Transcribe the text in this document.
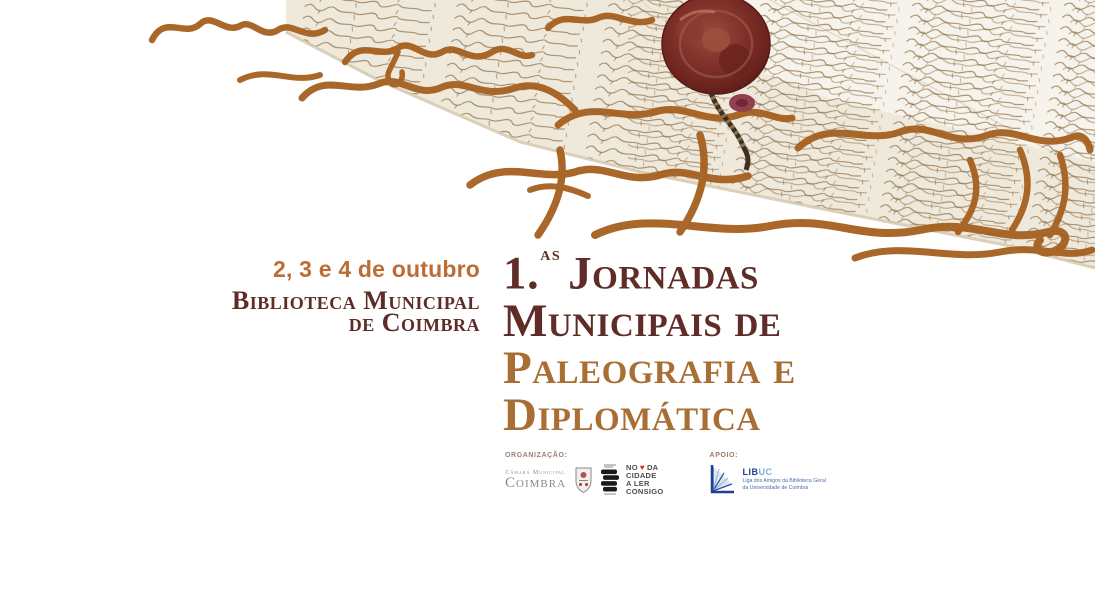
2, 3 e 4 de outubro
Biblioteca Municipal
de Coimbra
1.$^{as}$ Jornadas
Municipais de
Paleografia e
Diplomática
ORGANIZAÇÃO:
Câmara Municipal
Coimbra
NO ♥ DA
CIDADE
A LER
CONSIGO
APOIO:
LIBUC
Liga dos Amigos da Biblioteca Geral
da Universidade de Coimbra
